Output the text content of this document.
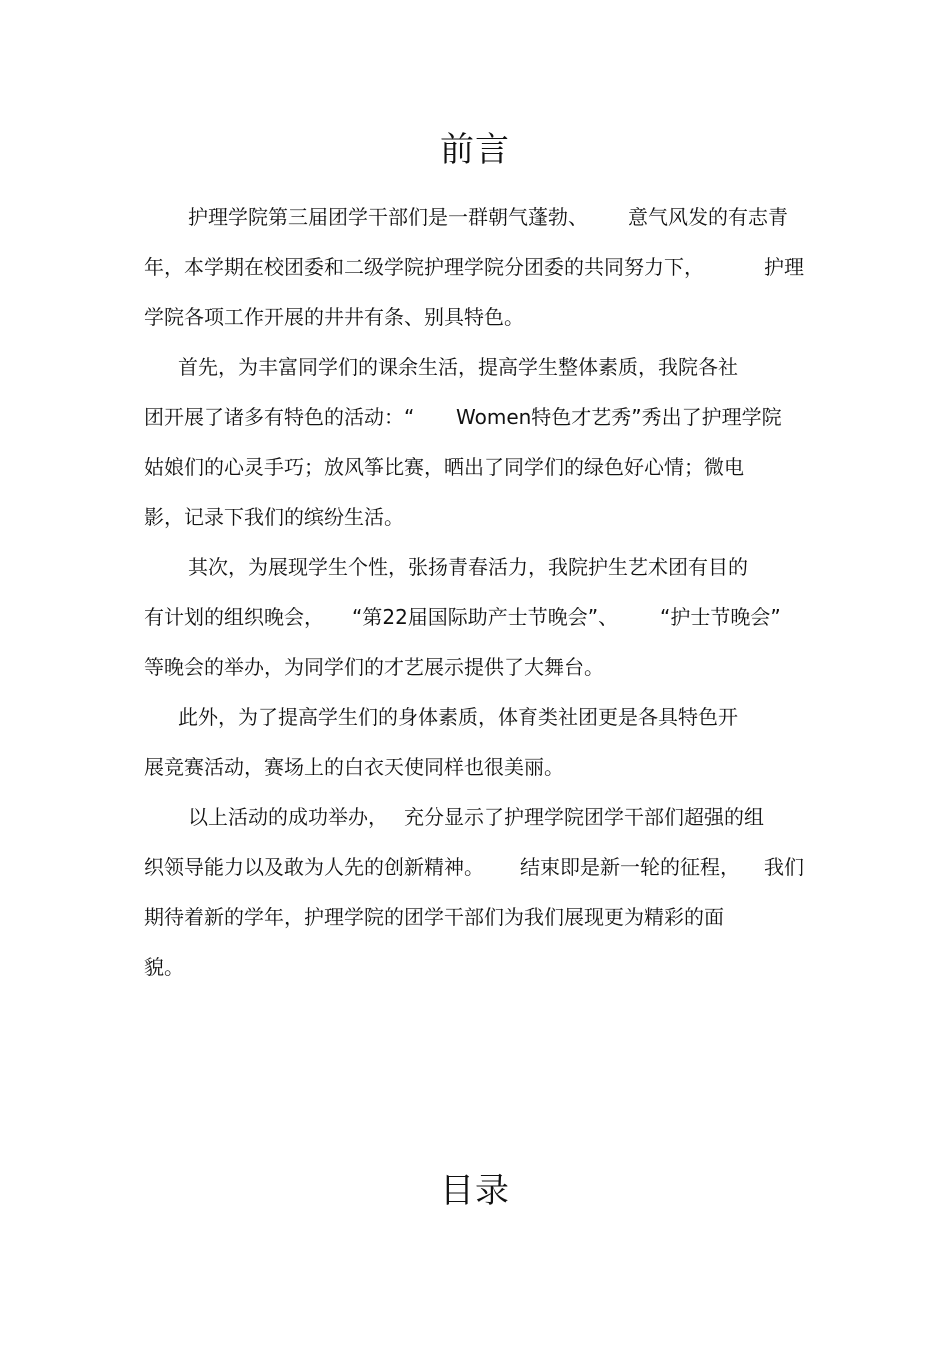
前言

护理学院第三届团学干部们是一群朝气蓬勃、

意气风发的有志青

年，本学期在校团委和二级学院护理学院分团委的共同努力下，

	护理

学院各项工作开展的井井有条、别具特色。

首先，为丰富同学们的课余生活，提高学生整体素质，我院各社

团开展了诸多有特色的活动：“

Women特色才艺秀”秀出了护理学院

姑娘们的心灵手巧；放风筝比赛，晒出了同学们的绿色好心情；微电

影，记录下我们的缤纷生活。

其次，为展现学生个性，张扬青春活力，我院护生艺术团有目的

有计划的组织晚会，

“第22届国际助产士节晚会”、

“护士节晚会”

等晚会的举办，为同学们的才艺展示提供了大舞台。

此外，为了提高学生们的身体素质，体育类社团更是各具特色开

展竞赛活动，赛场上的白衣天使同样也很美丽。

以上活动的成功举办，

充分显示了护理学院团学干部们超强的组

织领导能力以及敢为人先的创新精神。

结束即是新一轮的征程，

我们

期待着新的学年，护理学院的团学干部们为我们展现更为精彩的面

貌。

目录
